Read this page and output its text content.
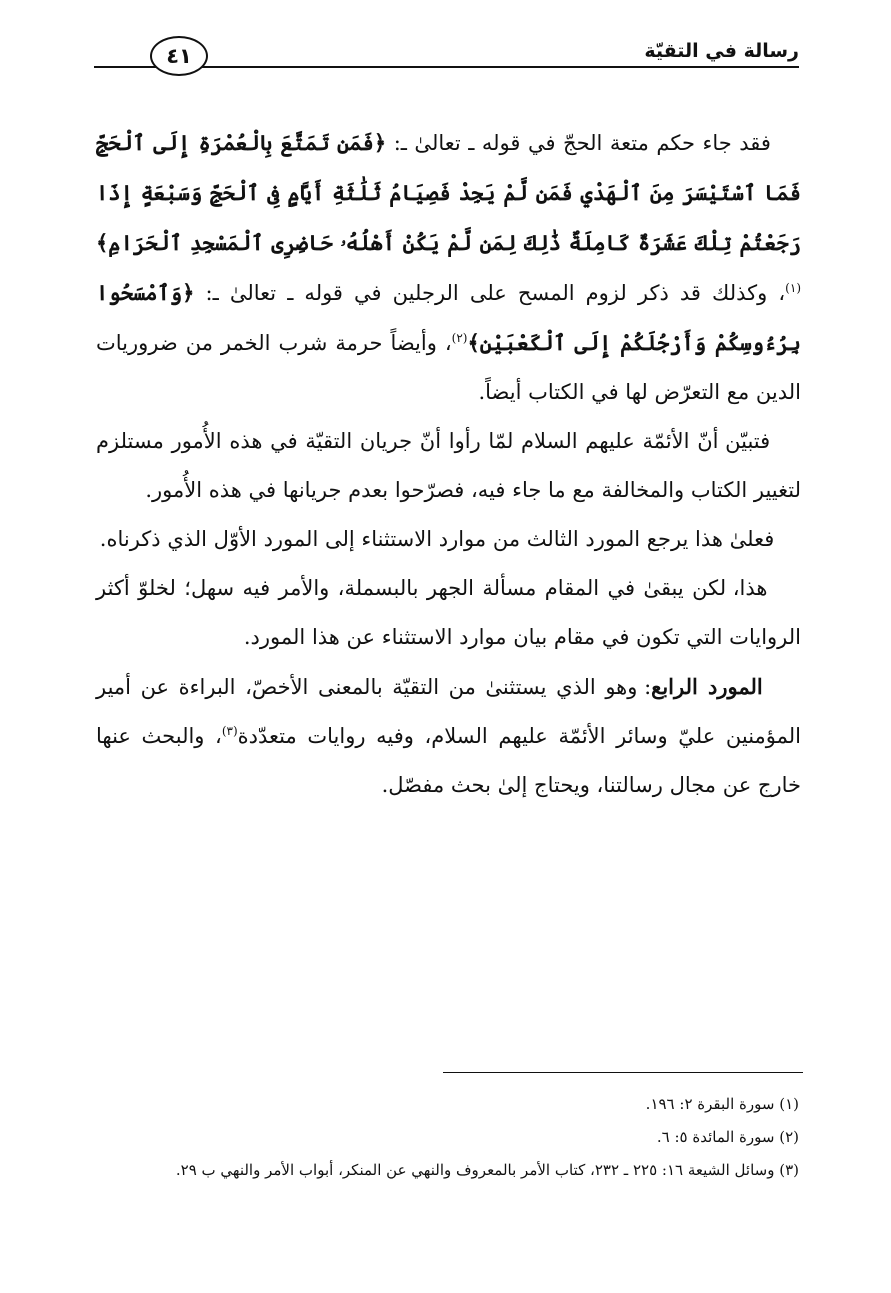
رسالة في التقيّة
٤١

فقد جاء حكم متعة الحجّ في قوله ـ تعالىٰ ـ: ﴿فَمَن تَمَتَّعَ بِالْعُمْرَةِ إِلَى ٱلْحَجِّ فَمَا ٱسْتَيْسَرَ مِنَ ٱلْهَدْيِ فَمَن لَّمْ يَجِدْ فَصِيَامُ ثَلَٰثَةِ أَيَّامٍ فِى ٱلْحَجِّ وَسَبْعَةٍ إِذَا رَجَعْتُمْ تِلْكَ عَشَرَةٌ كَامِلَةٌ ذَٰلِكَ لِمَن لَّمْ يَكُنْ أَهْلُهُۥ حَاضِرِى ٱلْمَسْجِدِ ٱلْحَرَامِ﴾$^{(١)}$، وكذلك قد ذكر لزوم المسح على الرجلين في قوله ـ تعالىٰ ـ: ﴿وَٱمْسَحُوا بِرُءُوسِكُمْ وَأَرْجُلَكُمْ إِلَى ٱلْكَعْبَيْنِ﴾$^{(٢)}$، وأيضاً حرمة شرب الخمر من ضروريات الدين مع التعرّض لها في الكتاب أيضاً.

فتبيّن أنّ الأئمّة عليهم السلام لمّا رأوا أنّ جريان التقيّة في هذه الأُمور مستلزم لتغيير الكتاب والمخالفة مع ما جاء فيه، فصرّحوا بعدم جريانها في هذه الأُمور.

فعلىٰ هذا يرجع المورد الثالث من موارد الاستثناء إلى المورد الأوّل الذي ذكرناه.

هذا، لكن يبقىٰ في المقام مسألة الجهر بالبسملة، والأمر فيه سهل؛ لخلوّ أكثر الروايات التي تكون في مقام بيان موارد الاستثناء عن هذا المورد.

المورد الرابع: وهو الذي يستثنىٰ من التقيّة بالمعنى الأخصّ، البراءة عن أمير المؤمنين عليّ وسائر الأئمّة عليهم السلام، وفيه روايات متعدّدة$^{(٣)}$، والبحث عنها خارج عن مجال رسالتنا، ويحتاج إلىٰ بحث مفصّل.

(١) سورة البقرة ٢: ١٩٦.

(٢) سورة المائدة ٥: ٦.

(٣) وسائل الشيعة ١٦: ٢٢٥ ـ ٢٣٢، كتاب الأمر بالمعروف والنهي عن المنكر، أبواب الأمر والنهي ب ٢٩.
